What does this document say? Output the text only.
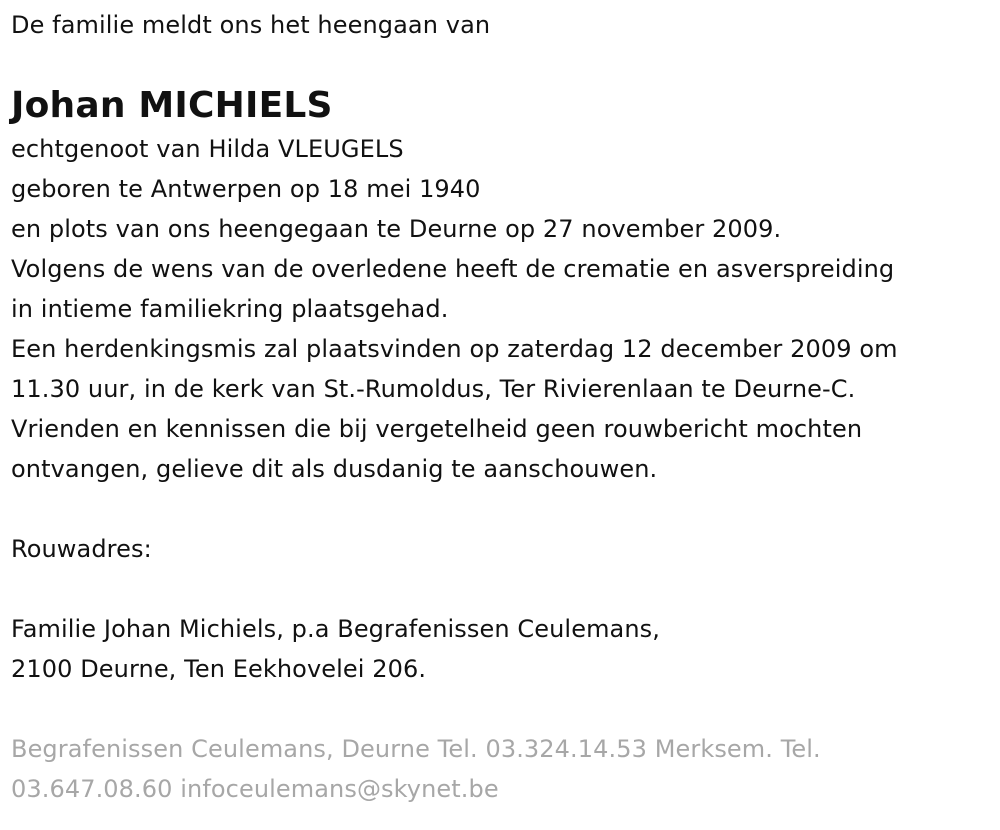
De familie meldt ons het heengaan van
Johan MICHIELS
echtgenoot van Hilda VLEUGELS
geboren te Antwerpen op 18 mei 1940
en plots van ons heengegaan te Deurne op 27 november 2009.
Volgens de wens van de overledene heeft de crematie en asverspreiding
in intieme familiekring plaatsgehad.
Een herdenkingsmis zal plaatsvinden op zaterdag 12 december 2009 om
11.30 uur, in de kerk van St.-Rumoldus, Ter Rivierenlaan te Deurne-C.
Vrienden en kennissen die bij vergetelheid geen rouwbericht mochten
ontvangen, gelieve dit als dusdanig te aanschouwen.
Rouwadres:
Familie Johan Michiels, p.a Begrafenissen Ceulemans,
2100 Deurne, Ten Eekhovelei 206.
Begrafenissen Ceulemans, Deurne Tel. 03.324.14.53 Merksem. Tel.
03.647.08.60 infoceulemans@skynet.be
